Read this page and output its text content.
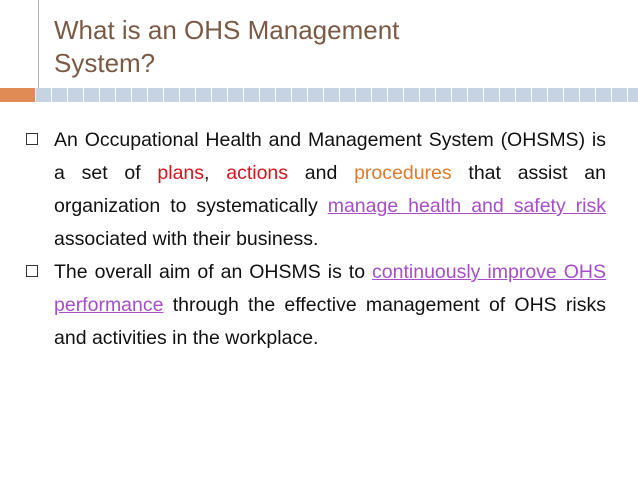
What is an OHS Management
System?

An Occupational Health and Management System (OHSMS) is a set of plans, actions and procedures that assist an organization to systematically manage health and safety risk associated with their business.

The overall aim of an OHSMS is to continuously improve OHS performance through the effective management of OHS risks and activities in the workplace.
